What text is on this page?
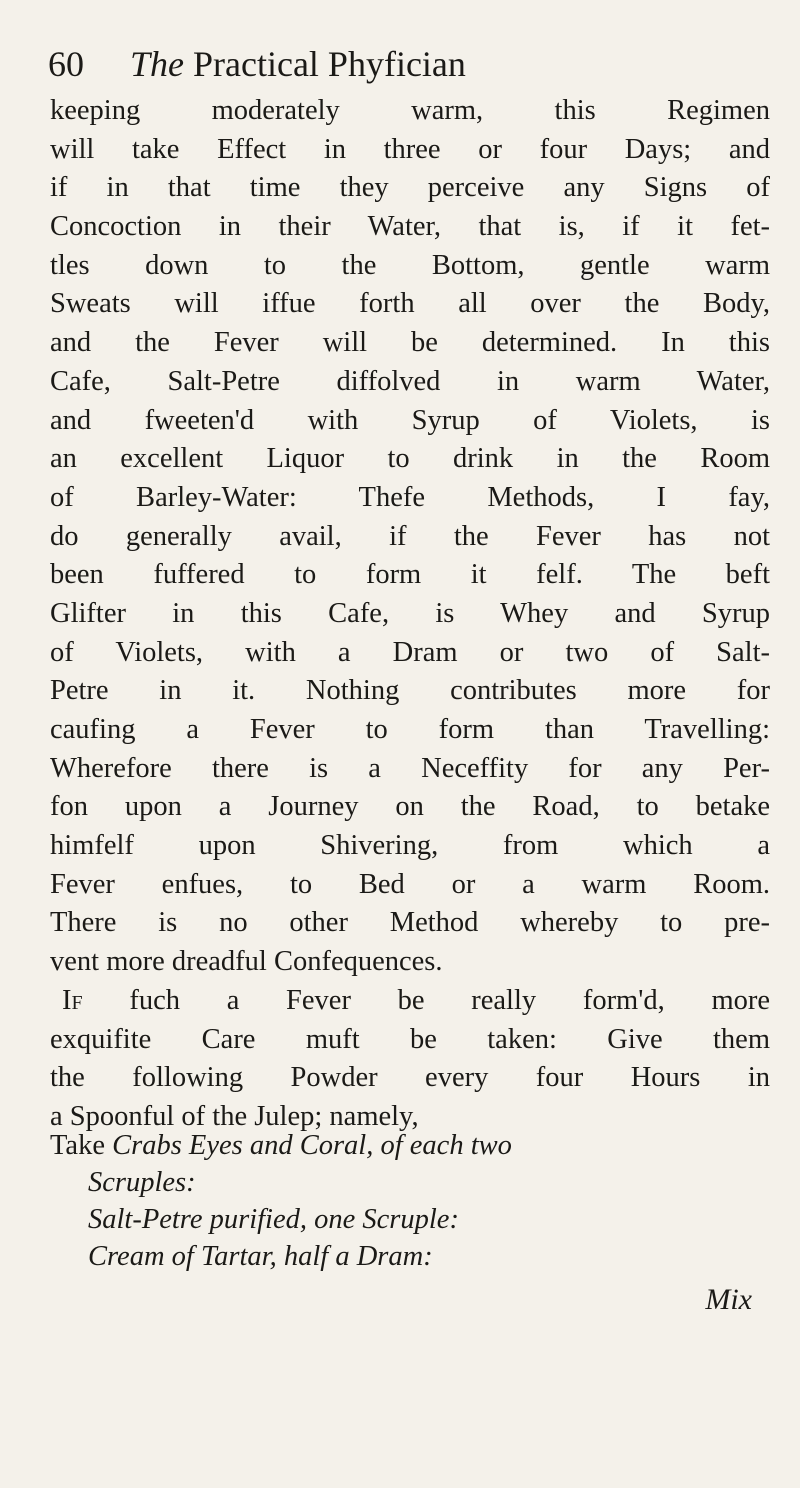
60 The Practical Phyfician
keeping moderately warm, this Regimen
will take Effect in three or four Days; and
if in that time they perceive any Signs of
Concoction in their Water, that is, if it fet-
tles down to the Bottom, gentle warm
Sweats will iffue forth all over the Body,
and the Fever will be determined. In this
Cafe, Salt-Petre diffolved in warm Water,
and fweeten'd with Syrup of Violets, is
an excellent Liquor to drink in the Room
of Barley-Water: Thefe Methods, I fay,
do generally avail, if the Fever has not
been fuffered to form it felf. The beft
Glifter in this Cafe, is Whey and Syrup
of Violets, with a Dram or two of Salt-
Petre in it. Nothing contributes more for
caufing a Fever to form than Travelling:
Wherefore there is a Neceffity for any Per-
fon upon a Journey on the Road, to betake
himfelf upon Shivering, from which a
Fever enfues, to Bed or a warm Room.
There is no other Method whereby to pre-
vent more dreadful Confequences.
If fuch a Fever be really form'd, more
exquifite Care muft be taken: Give them
the following Powder every four Hours in
a Spoonful of the Julep; namely,
Take Crabs Eyes and Coral, of each two
Scruples:
Salt-Petre purified, one Scruple:
Cream of Tartar, half a Dram:
Mix
